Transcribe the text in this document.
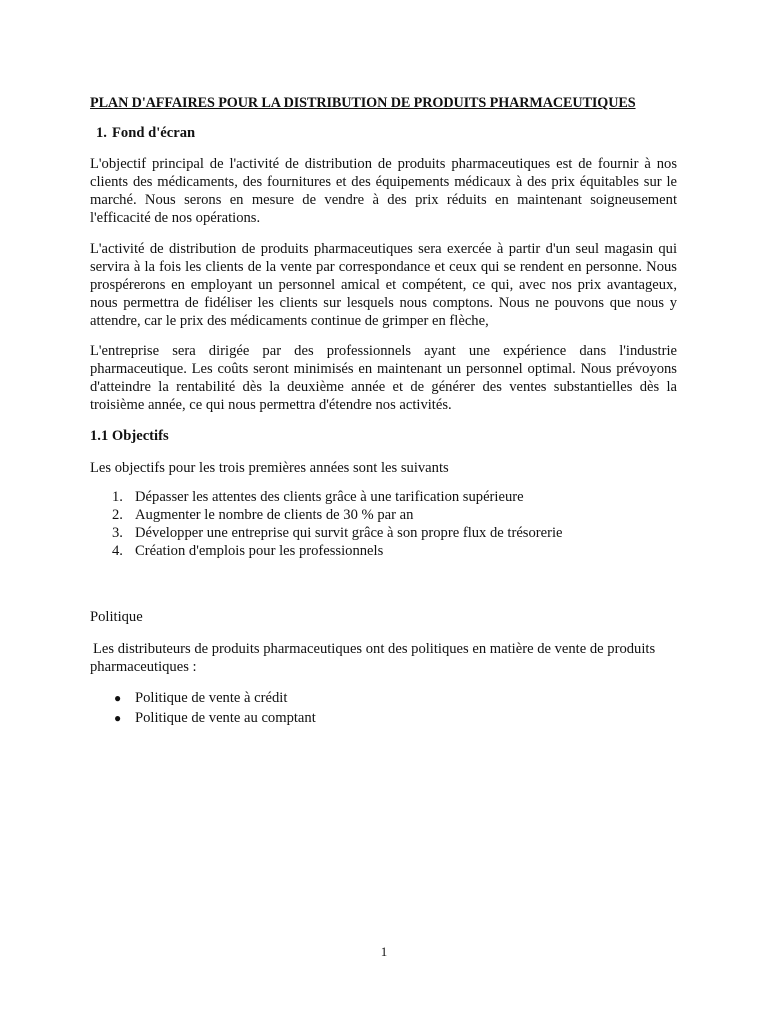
PLAN D'AFFAIRES POUR LA DISTRIBUTION DE PRODUITS PHARMACEUTIQUES
1. Fond d'écran
L'objectif principal de l'activité de distribution de produits pharmaceutiques est de fournir à nos clients des médicaments, des fournitures et des équipements médicaux à des prix équitables sur le marché. Nous serons en mesure de vendre à des prix réduits en maintenant soigneusement l'efficacité de nos opérations.
L'activité de distribution de produits pharmaceutiques sera exercée à partir d'un seul magasin qui servira à la fois les clients de la vente par correspondance et ceux qui se rendent en personne. Nous prospérerons en employant un personnel amical et compétent, ce qui, avec nos prix avantageux, nous permettra de fidéliser les clients sur lesquels nous comptons. Nous ne pouvons que nous y attendre, car le prix des médicaments continue de grimper en flèche,
L'entreprise sera dirigée par des professionnels ayant une expérience dans l'industrie pharmaceutique. Les coûts seront minimisés en maintenant un personnel optimal. Nous prévoyons d'atteindre la rentabilité dès la deuxième année et de générer des ventes substantielles dès la troisième année, ce qui nous permettra d'étendre nos activités.
1.1 Objectifs
Les objectifs pour les trois premières années sont les suivants
1. Dépasser les attentes des clients grâce à une tarification supérieure
2. Augmenter le nombre de clients de 30 % par an
3. Développer une entreprise qui survit grâce à son propre flux de trésorerie
4. Création d'emplois pour les professionnels
Politique
Les distributeurs de produits pharmaceutiques ont des politiques en matière de vente de produits pharmaceutiques :
● Politique de vente à crédit
● Politique de vente au comptant
1
